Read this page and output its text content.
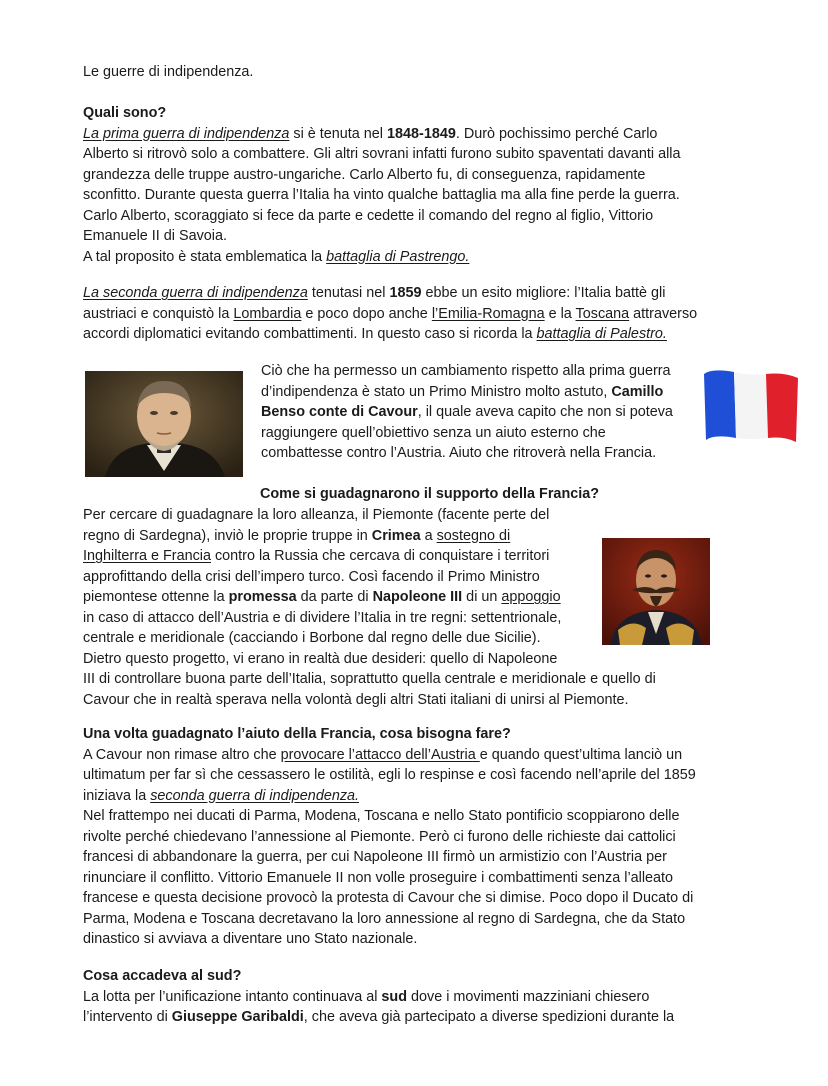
Le guerre di indipendenza.

Quali sono?

La prima guerra di indipendenza si è tenuta nel 1848-1849. Durò pochissimo perché Carlo

Alberto si ritrovò solo a combattere. Gli altri sovrani infatti furono subito spaventati davanti alla

grandezza delle truppe austro-ungariche. Carlo Alberto fu, di conseguenza, rapidamente

sconfitto. Durante questa guerra l’Italia ha vinto qualche battaglia ma alla fine perde la guerra.

Carlo Alberto, scoraggiato si fece da parte e cedette il comando del regno al figlio, Vittorio

Emanuele II di Savoia.

A tal proposito è stata emblematica la battaglia di Pastrengo.

La seconda guerra di indipendenza tenutasi nel 1859 ebbe un esito migliore: l’Italia battè gli

austriaci e conquistò la Lombardia e poco dopo anche l’Emilia-Romagna e la Toscana attraverso

accordi diplomatici evitando combattimenti. In questo caso si ricorda la battaglia di Palestro.

Ciò che ha permesso un cambiamento rispetto alla prima guerra

d’indipendenza è stato un Primo Ministro molto astuto, Camillo

Benso conte di Cavour, il quale aveva capito che non si poteva

raggiungere quell’obiettivo senza un aiuto esterno che

combattesse contro l’Austria. Aiuto che ritroverà nella Francia.

Come si guadagnarono il supporto della Francia?

Per cercare di guadagnare la loro alleanza, il Piemonte (facente perte del

regno di Sardegna), inviò le proprie truppe in Crimea a sostegno di

Inghilterra e Francia contro la Russia che cercava di conquistare i territori

approfittando della crisi dell’impero turco. Così facendo il Primo Ministro

piemontese ottenne la promessa da parte di Napoleone III di un appoggio

in caso di attacco dell’Austria e di dividere l’Italia in tre regni: settentrionale,

centrale e meridionale (cacciando i Borbone dal regno delle due Sicilie).

Dietro questo progetto, vi erano in realtà due desideri: quello di Napoleone

III di controllare buona parte dell’Italia, soprattutto quella centrale e meridionale e quello di

Cavour che in realtà sperava nella volontà degli altri Stati italiani di unirsi al Piemonte.

Una volta guadagnato l’aiuto della Francia, cosa bisogna fare?

A Cavour non rimase altro che provocare l’attacco dell’Austria e quando quest’ultima lanciò un

ultimatum per far sì che cessassero le ostilità, egli lo respinse e così facendo nell’aprile del 1859

iniziava la seconda guerra di indipendenza.

Nel frattempo nei ducati di Parma, Modena, Toscana e nello Stato pontificio scoppiarono delle

rivolte perché chiedevano l’annessione al Piemonte. Però ci furono delle richieste dai cattolici

francesi di abbandonare la guerra, per cui Napoleone III firmò un armistizio con l’Austria per

rinunciare il conflitto. Vittorio Emanuele II non volle proseguire i combattimenti senza l’alleato

francese e questa decisione provocò la protesta di Cavour che si dimise. Poco dopo il Ducato di

Parma, Modena e Toscana decretavano la loro annessione al regno di Sardegna, che da Stato

dinastico si avviava a diventare uno Stato nazionale.

Cosa accadeva al sud?

La lotta per l’unificazione intanto continuava al sud dove i movimenti mazziniani chiesero

l’intervento di Giuseppe Garibaldi, che aveva già partecipato a diverse spedizioni durante la
